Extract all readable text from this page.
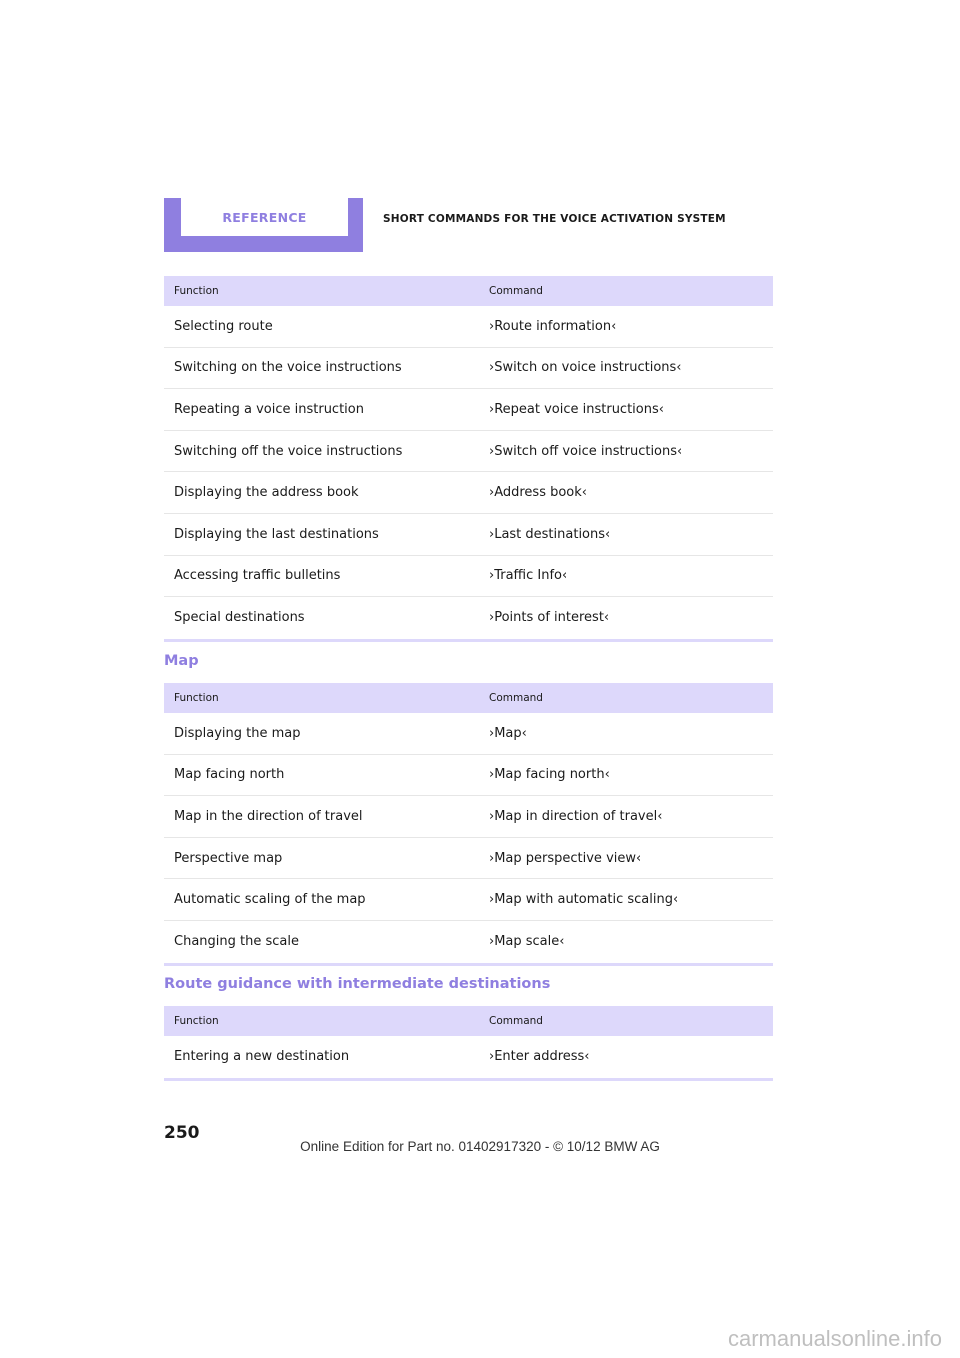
REFERENCE	SHORT COMMANDS FOR THE VOICE ACTIVATION SYSTEM
Function	Command
Selecting route	›Route information‹
Switching on the voice instructions	›Switch on voice instructions‹
Repeating a voice instruction	›Repeat voice instructions‹
Switching off the voice instructions	›Switch off voice instructions‹
Displaying the address book	›Address book‹
Displaying the last destinations	›Last destinations‹
Accessing traffic bulletins	›Traffic Info‹
Special destinations	›Points of interest‹
Map
Function	Command
Displaying the map	›Map‹
Map facing north	›Map facing north‹
Map in the direction of travel	›Map in direction of travel‹
Perspective map	›Map perspective view‹
Automatic scaling of the map	›Map with automatic scaling‹
Changing the scale	›Map scale‹
Route guidance with intermediate destinations
Function	Command
Entering a new destination	›Enter address‹
250
Online Edition for Part no. 01402917320 - © 10/12 BMW AG
carmanualsonline.info
